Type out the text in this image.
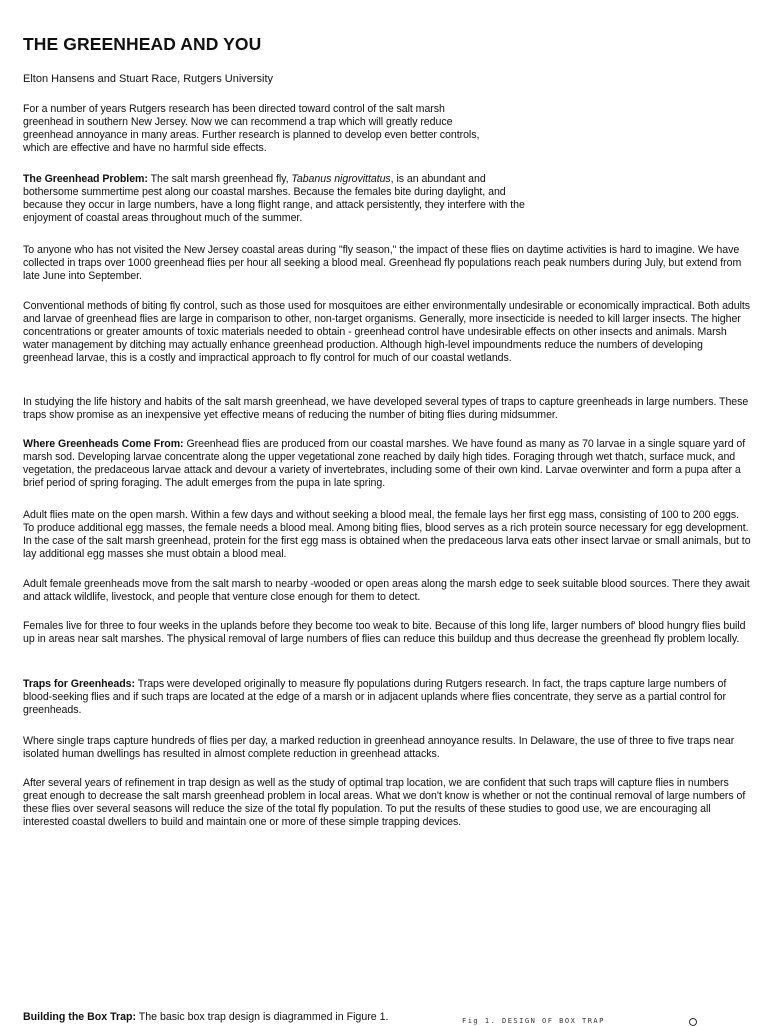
THE GREENHEAD AND YOU

Elton Hansens and Stuart Race, Rutgers University

For a number of years Rutgers research has been directed toward control of the salt marsh greenhead in southern New Jersey. Now we can recommend a trap which will greatly reduce greenhead annoyance in many areas. Further research is planned to develop even better controls, which are effective and have no harmful side effects.

The Greenhead Problem: The salt marsh greenhead fly, Tabanus nigrovittatus, is an abundant and bothersome summertime pest along our coastal marshes. Because the females bite during daylight, and because they occur in large numbers, have a long flight range, and attack persistently, they interfere with the enjoyment of coastal areas throughout much of the summer.

To anyone who has not visited the New Jersey coastal areas during "fly season," the impact of these flies on daytime activities is hard to imagine. We have collected in traps over 1000 greenhead flies per hour all seeking a blood meal. Greenhead fly populations reach peak numbers during July, but extend from late June into September.

Conventional methods of biting fly control, such as those used for mosquitoes are either environmentally undesirable or economically impractical. Both adults and larvae of greenhead flies are large in comparison to other, non-target organisms. Generally, more insecticide is needed to kill larger insects. The higher concentrations or greater amounts of toxic materials needed to obtain - greenhead control have undesirable effects on other insects and animals. Marsh water management by ditching may actually enhance greenhead production. Although high-level impoundments reduce the numbers of developing greenhead larvae, this is a costly and impractical approach to fly control for much of our coastal wetlands.

In studying the life history and habits of the salt marsh greenhead, we have developed several types of traps to capture greenheads in large numbers. These traps show promise as an inexpensive yet effective means of reducing the number of biting flies during midsummer.

Where Greenheads Come From: Greenhead flies are produced from our coastal marshes. We have found as many as 70 larvae in a single square yard of marsh sod. Developing larvae concentrate along the upper vegetational zone reached by daily high tides. Foraging through wet thatch, surface muck, and vegetation, the predaceous larvae attack and devour a variety of invertebrates, including some of their own kind. Larvae overwinter and form a pupa after a brief period of spring foraging. The adult emerges from the pupa in late spring.

Adult flies mate on the open marsh. Within a few days and without seeking a blood meal, the female lays her first egg mass, consisting of 100 to 200 eggs. To produce additional egg masses, the female needs a blood meal. Among biting flies, blood serves as a rich protein source necessary for egg development. In the case of the salt marsh greenhead, protein for the first egg mass is obtained when the predaceous larva eats other insect larvae or small animals, but to lay additional egg masses she must obtain a blood meal.

Adult female greenheads move from the salt marsh to nearby -wooded or open areas along the marsh edge to seek suitable blood sources. There they await and attack wildlife, livestock, and people that venture close enough for them to detect.

Females live for three to four weeks in the uplands before they become too weak to bite. Because of this long life, larger numbers of' blood hungry flies build up in areas near salt marshes. The physical removal of large numbers of flies can reduce this buildup and thus decrease the greenhead fly problem locally.

Traps for Greenheads: Traps were developed originally to measure fly populations during Rutgers research. In fact, the traps capture large numbers of blood-seeking flies and if such traps are located at the edge of a marsh or in adjacent uplands where flies concentrate, they serve as a partial control for greenheads.

Where single traps capture hundreds of flies per day, a marked reduction in greenhead annoyance results. In Delaware, the use of three to five traps near isolated human dwellings has resulted in almost complete reduction in greenhead attacks.

After several years of refinement in trap design as well as the study of optimal trap location, we are confident that such traps will capture flies in numbers great enough to decrease the salt marsh greenhead problem in local areas. What we don't know is whether or not the continual removal of large numbers of these flies over several seasons will reduce the size of the total fly population. To put the results of these studies to good use, we are encouraging all interested coastal dwellers to build and maintain one or more of these simple trapping devices.

Building the Box Trap: The basic box trap design is diagrammed in Figure 1.	Fig 1. DESIGN OF BOX TRAP
